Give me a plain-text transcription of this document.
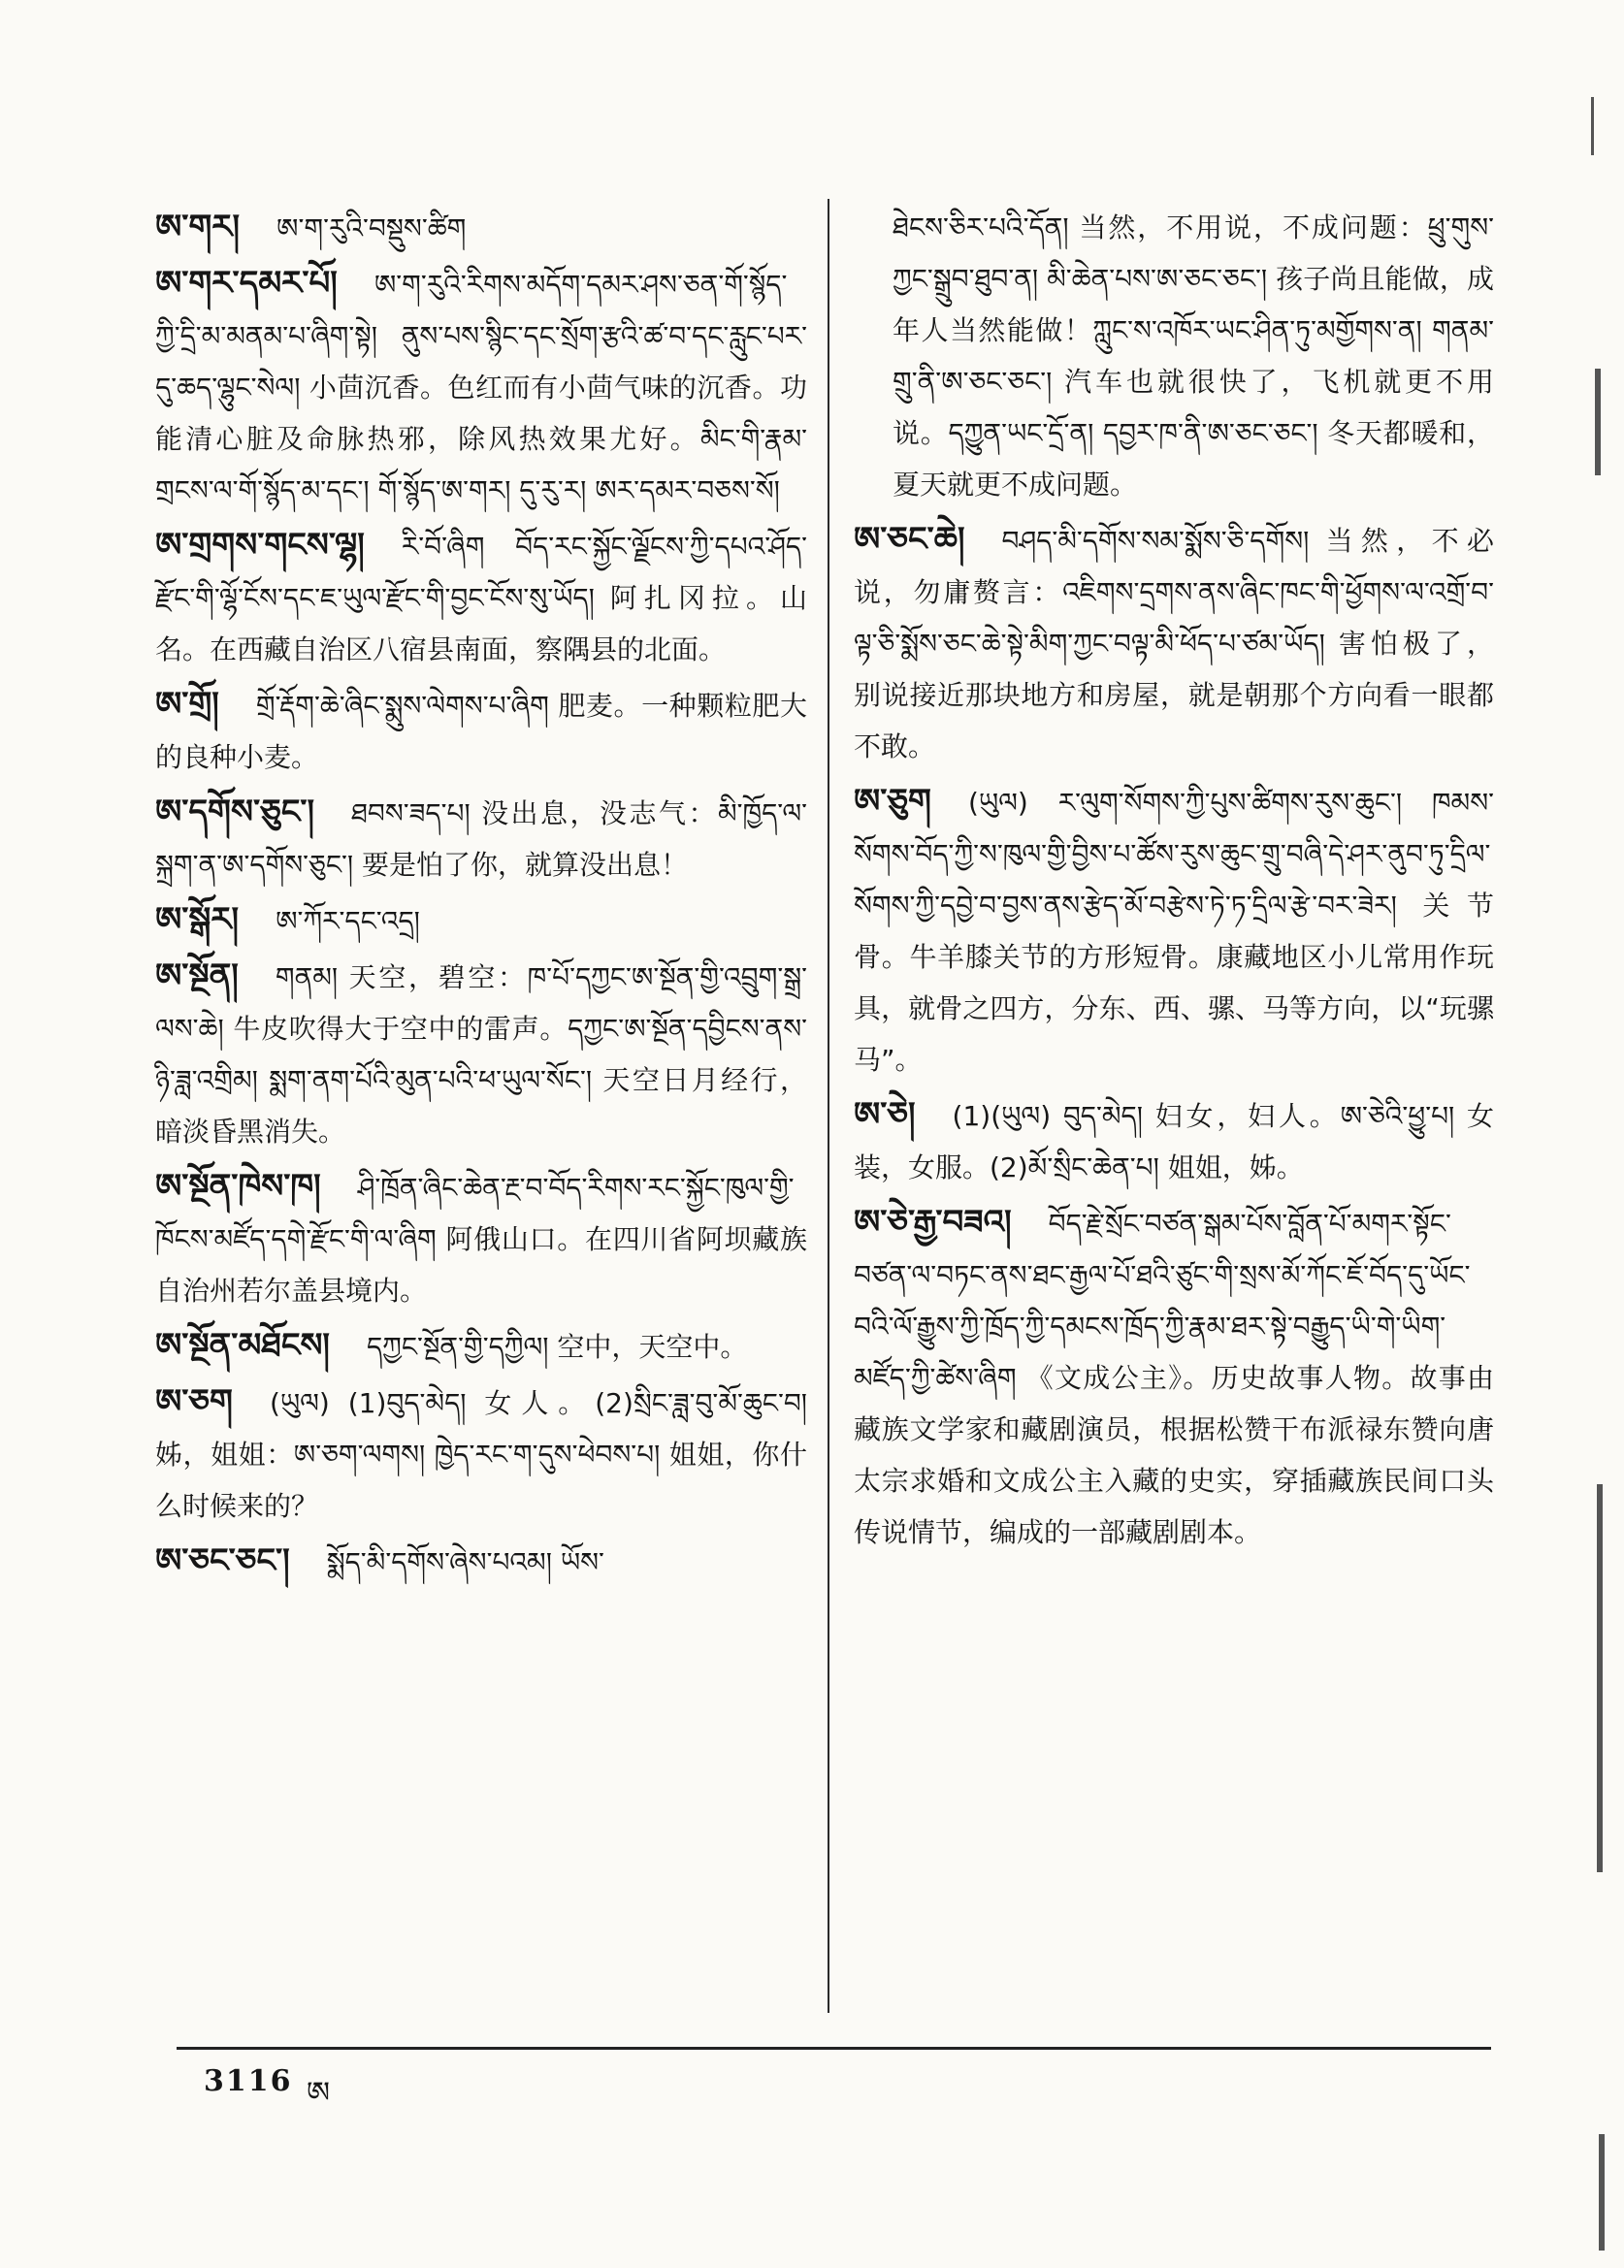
ཨ་གར། ཨ་ག་རུའི་བསྡུས་ཚིག

ཨ་གར་དམར་པོ། ཨ་ག་རུའི་རིགས་མདོག་དམར་ཤས་ཅན་གོ་སྙོད་ཀྱི་དྲི་མ་མནམ་པ་ཞིག་སྟེ། ནུས་པས་སྙིང་དང་སྲོག་རྩའི་ཚ་བ་དང་རླུང་པར་དུ་ཆད་ལྷུང་སེལ། 小茴沉香。色红而有小茴气味的沉香。功能清心脏及命脉热邪，除风热效果尤好。མིང་གི་རྣམ་གྲངས་ལ་གོ་སྙོད་མ་དང་། གོ་སྙོད་ཨ་གར། དུ་རུ་ར། ཨར་དམར་བཅས་སོ།

ཨ་གྲགས་གངས་ལྷ། རི་བོ་ཞིག བོད་རང་སྐྱོང་ལྗོངས་ཀྱི་དཔའ་ཤོད་རྫོང་གི་ལྷོ་ངོས་དང་ཇ་ཡུལ་རྫོང་གི་བྱང་ངོས་སུ་ཡོད། 阿扎冈拉。山名。在西藏自治区八宿县南面，察隅县的北面。

ཨ་གྲོ། གྲོ་རྡོག་ཆེ་ཞིང་སྨུས་ལེགས་པ་ཞིག 肥麦。一种颗粒肥大的良种小麦。

ཨ་དགོས་ཅུང་། ཐབས་ཟད་པ། 没出息，没志气：མི་ཁྱོད་ལ་སྐྲག་ན་ཨ་དགོས་ཅུང་། 要是怕了你，就算没出息！

ཨ་སྒོར། ཨ་ཀོར་དང་འདྲ།

ཨ་སྔོན། གནམ། 天空，碧空：ཁ་པོ་དཀྱང་ཨ་སྔོན་གྱི་འབྲུག་སྒྲ་ལས་ཆེ། 牛皮吹得大于空中的雷声。དཀྱང་ཨ་སྔོན་དབྱིངས་ནས་ཉི་ཟླ་འགྲིམ། སྨག་ནག་པོའི་མུན་པའི་ཕ་ཡུལ་སོང་། 天空日月经行，暗淡昏黑消失。

ཨ་སྔོན་ཁེས་ཁ། ཤི་ཁྲོན་ཞིང་ཆེན་རྔ་བ་བོད་རིགས་རང་སྐྱོང་ཁུལ་གྱི་ཁོངས་མཛོད་དགེ་རྫོང་གི་ལ་ཞིག 阿俄山口。在四川省阿坝藏族自治州若尔盖县境内。

ཨ་སྔོན་མཐོངས། དཀྱང་སྔོན་གྱི་དཀྱིལ། 空中，天空中。

ཨ་ཅག (ཡུལ) (1)བུད་མེད། 女人。(2)སྲིང་ཟླ་བུ་མོ་ཆུང་བ། 姊，姐姐：ཨ་ཅག་ལགས། ཁྱེད་རང་ག་དུས་ཕེབས་པ། 姐姐，你什么时候来的？

ཨ་ཅང་ཅང་། སྨོད་མི་དགོས་ཞེས་པའམ། ཡོས་

ཐེངས་ཅིར་པའི་དོན། 当然，不用说，不成问题：ཕྲུ་གུས་ཀྱང་སྒྲུབ་ཐུབ་ན། མི་ཆེན་པས་ཨ་ཅང་ཅང་། 孩子尚且能做，成年人当然能做！ཀླུང་ས་འཁོར་ཡང་ཤིན་ཏུ་མགྱོགས་ན། གནམ་གྲུ་ནི་ཨ་ཅང་ཅང་། 汽车也就很快了，飞机就更不用说。དཀྱུན་ཡང་དྲོ་ན། དབྱར་ཁ་ནི་ཨ་ཅང་ཅང་། 冬天都暖和，夏天就更不成问题。

ཨ་ཅང་ཆེ། བཤད་མི་དགོས་སམ་སྨོས་ཅི་དགོས། 当然，不必说，勿庸赘言：འཇིགས་དྲགས་ནས་ཞིང་ཁང་གི་ཕྱོགས་ལ་འགྲོ་བ་ལྟ་ཅི་སྨོས་ཅང་ཆེ་སྟེ་མིག་ཀྱང་བལྟ་མི་ཕོད་པ་ཙམ་ཡོད། 害怕极了，别说接近那块地方和房屋，就是朝那个方向看一眼都不敢。

ཨ་ཅུག (ཡུལ) ར་ལུག་སོགས་ཀྱི་པུས་ཚིགས་རུས་ཆུང་། ཁམས་སོགས་བོད་ཀྱི་ས་ཁུལ་གྱི་བྱིས་པ་ཚོས་རུས་ཆུང་གྲུ་བཞི་དེ་ཤར་ནུབ་ཏུ་དྲིལ་སོགས་ཀྱི་དབྱེ་བ་བྱས་ནས་རྩེད་མོ་བརྩེས་ཏེ་ཏ་དྲིལ་རྩེ་བར་ཟེར། 关节骨。牛羊膝关节的方形短骨。康藏地区小儿常用作玩具，就骨之四方，分东、西、骡、马等方向，以“玩骡马”。

ཨ་ཅེ། (1)(ཡུལ) བུད་མེད། 妇女，妇人。ཨ་ཅེའི་ཕྱུ་པ། 女装，女服。(2)མོ་སྲིང་ཆེན་པ། 姐姐，姊。

ཨ་ཅེ་རྒྱ་བཟའ། བོད་རྗེ་སྲོང་བཙན་སྒམ་པོས་བློན་པོ་མགར་སྟོང་བཙན་ལ་བཏང་ནས་ཐང་རྒྱལ་པོ་ཐའི་ཙུང་གི་སྲས་མོ་ཀོང་ཇོ་བོད་དུ་ཡོང་བའི་ལོ་རྒྱུས་ཀྱི་ཁྲོད་ཀྱི་དམངས་ཁྲོད་ཀྱི་རྣམ་ཐར་སྟེ་བརྒྱུད་ཡི་གེ་ཡིག་མཛོད་ཀྱི་ཚེས་ཞིག 《文成公主》。历史故事人物。故事由藏族文学家和藏剧演员，根据松赞干布派禄东赞向唐太宗求婚和文成公主入藏的史实，穿插藏族民间口头传说情节，编成的一部藏剧剧本。

3116 ཨ
